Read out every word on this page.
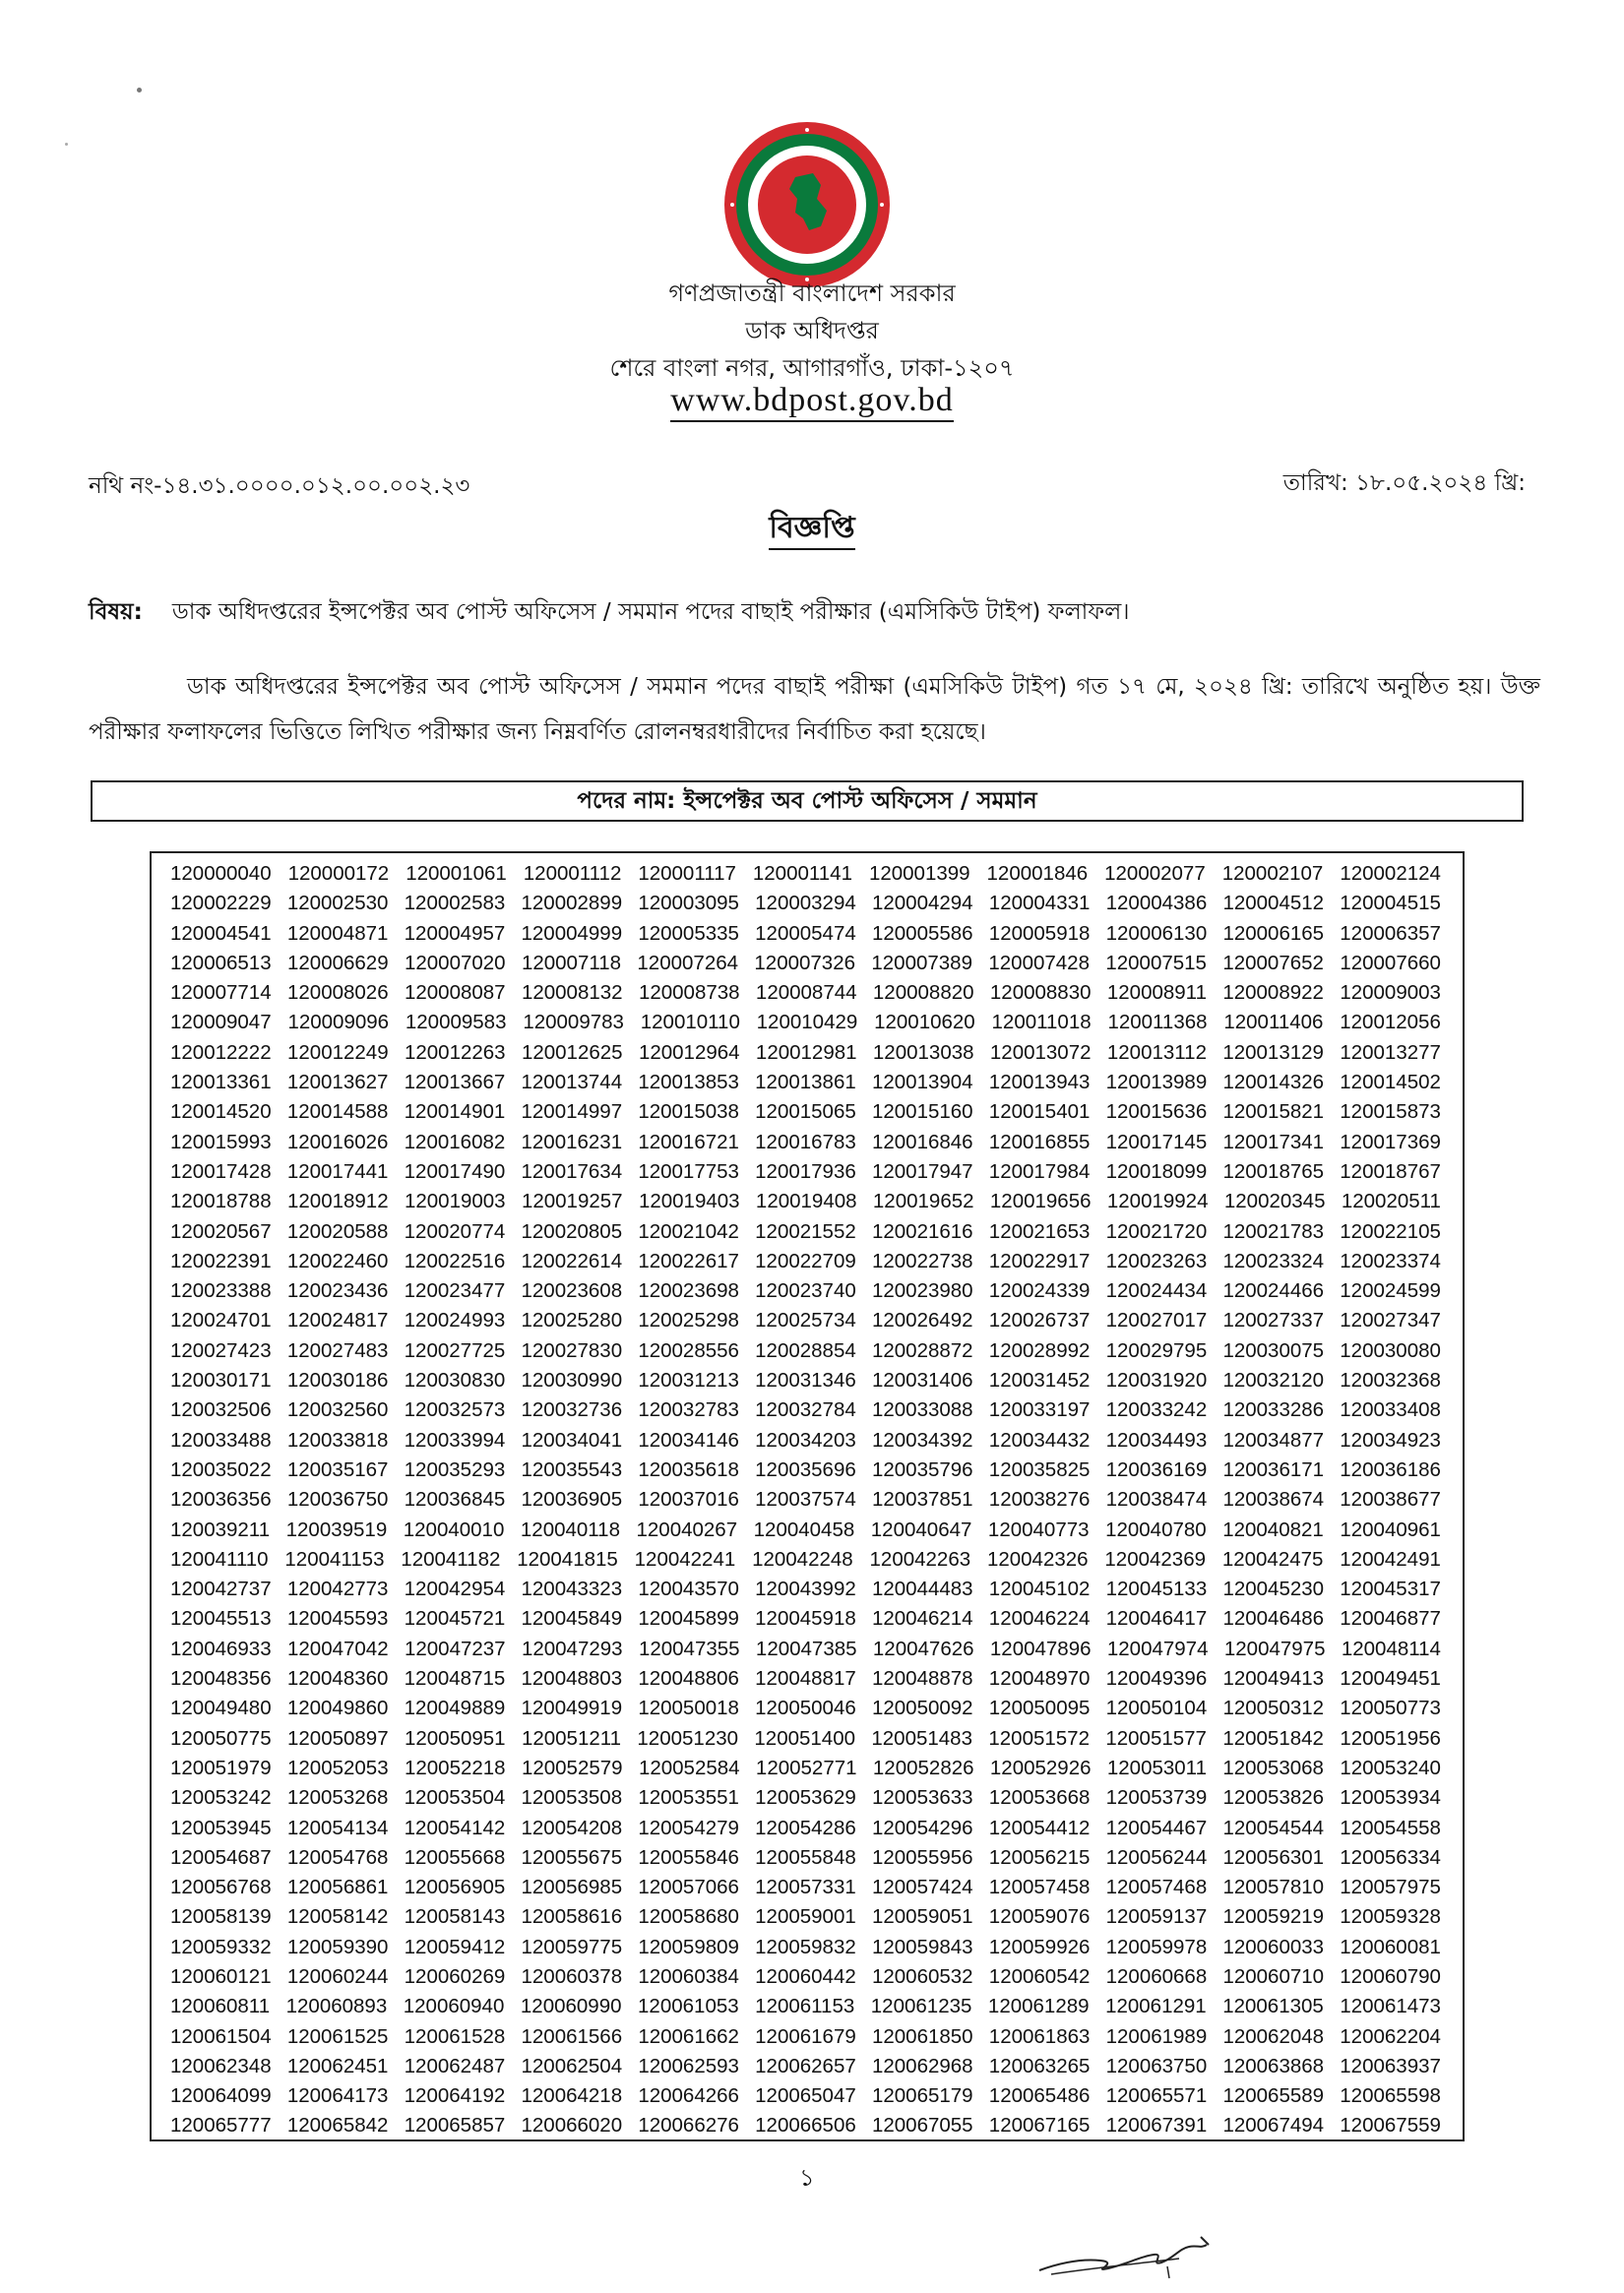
গণপ্রজাতন্ত্রী বাংলাদেশ সরকার
ডাক অধিদপ্তর
শেরে বাংলা নগর, আগারগাঁও, ঢাকা-১২০৭
www.bdpost.gov.bd
নথি নং-১৪.৩১.০০০০.০১২.০০.০০২.২৩	তারিখ: ১৮.০৫.২০২৪ খ্রি:
বিজ্ঞপ্তি
বিষয়: ডাক অধিদপ্তরের ইন্সপেক্টর অব পোস্ট অফিসেস / সমমান পদের বাছাই পরীক্ষার (এমসিকিউ টাইপ) ফলাফল।
ডাক অধিদপ্তরের ইন্সপেক্টর অব পোস্ট অফিসেস / সমমান পদের বাছাই পরীক্ষা (এমসিকিউ টাইপ) গত ১৭ মে, ২০২৪ খ্রি: তারিখে অনুষ্ঠিত হয়। উক্ত পরীক্ষার ফলাফলের ভিত্তিতে লিখিত পরীক্ষার জন্য নিম্নবর্ণিত রোলনম্বরধারীদের নির্বাচিত করা হয়েছে।
পদের নাম: ইন্সপেক্টর অব পোস্ট অফিসেস / সমমান
120000040 120000172 120001061 120001112 120001117 120001141 120001399 120001846 120002077 120002107 120002124
120002229 120002530 120002583 120002899 120003095 120003294 120004294 120004331 120004386 120004512 120004515
120004541 120004871 120004957 120004999 120005335 120005474 120005586 120005918 120006130 120006165 120006357
120006513 120006629 120007020 120007118 120007264 120007326 120007389 120007428 120007515 120007652 120007660
120007714 120008026 120008087 120008132 120008738 120008744 120008820 120008830 120008911 120008922 120009003
120009047 120009096 120009583 120009783 120010110 120010429 120010620 120011018 120011368 120011406 120012056
120012222 120012249 120012263 120012625 120012964 120012981 120013038 120013072 120013112 120013129 120013277
120013361 120013627 120013667 120013744 120013853 120013861 120013904 120013943 120013989 120014326 120014502
120014520 120014588 120014901 120014997 120015038 120015065 120015160 120015401 120015636 120015821 120015873
120015993 120016026 120016082 120016231 120016721 120016783 120016846 120016855 120017145 120017341 120017369
120017428 120017441 120017490 120017634 120017753 120017936 120017947 120017984 120018099 120018765 120018767
120018788 120018912 120019003 120019257 120019403 120019408 120019652 120019656 120019924 120020345 120020511
120020567 120020588 120020774 120020805 120021042 120021552 120021616 120021653 120021720 120021783 120022105
120022391 120022460 120022516 120022614 120022617 120022709 120022738 120022917 120023263 120023324 120023374
120023388 120023436 120023477 120023608 120023698 120023740 120023980 120024339 120024434 120024466 120024599
120024701 120024817 120024993 120025280 120025298 120025734 120026492 120026737 120027017 120027337 120027347
120027423 120027483 120027725 120027830 120028556 120028854 120028872 120028992 120029795 120030075 120030080
120030171 120030186 120030830 120030990 120031213 120031346 120031406 120031452 120031920 120032120 120032368
120032506 120032560 120032573 120032736 120032783 120032784 120033088 120033197 120033242 120033286 120033408
120033488 120033818 120033994 120034041 120034146 120034203 120034392 120034432 120034493 120034877 120034923
120035022 120035167 120035293 120035543 120035618 120035696 120035796 120035825 120036169 120036171 120036186
120036356 120036750 120036845 120036905 120037016 120037574 120037851 120038276 120038474 120038674 120038677
120039211 120039519 120040010 120040118 120040267 120040458 120040647 120040773 120040780 120040821 120040961
120041110 120041153 120041182 120041815 120042241 120042248 120042263 120042326 120042369 120042475 120042491
120042737 120042773 120042954 120043323 120043570 120043992 120044483 120045102 120045133 120045230 120045317
120045513 120045593 120045721 120045849 120045899 120045918 120046214 120046224 120046417 120046486 120046877
120046933 120047042 120047237 120047293 120047355 120047385 120047626 120047896 120047974 120047975 120048114
120048356 120048360 120048715 120048803 120048806 120048817 120048878 120048970 120049396 120049413 120049451
120049480 120049860 120049889 120049919 120050018 120050046 120050092 120050095 120050104 120050312 120050773
120050775 120050897 120050951 120051211 120051230 120051400 120051483 120051572 120051577 120051842 120051956
120051979 120052053 120052218 120052579 120052584 120052771 120052826 120052926 120053011 120053068 120053240
120053242 120053268 120053504 120053508 120053551 120053629 120053633 120053668 120053739 120053826 120053934
120053945 120054134 120054142 120054208 120054279 120054286 120054296 120054412 120054467 120054544 120054558
120054687 120054768 120055668 120055675 120055846 120055848 120055956 120056215 120056244 120056301 120056334
120056768 120056861 120056905 120056985 120057066 120057331 120057424 120057458 120057468 120057810 120057975
120058139 120058142 120058143 120058616 120058680 120059001 120059051 120059076 120059137 120059219 120059328
120059332 120059390 120059412 120059775 120059809 120059832 120059843 120059926 120059978 120060033 120060081
120060121 120060244 120060269 120060378 120060384 120060442 120060532 120060542 120060668 120060710 120060790
120060811 120060893 120060940 120060990 120061053 120061153 120061235 120061289 120061291 120061305 120061473
120061504 120061525 120061528 120061566 120061662 120061679 120061850 120061863 120061989 120062048 120062204
120062348 120062451 120062487 120062504 120062593 120062657 120062968 120063265 120063750 120063868 120063937
120064099 120064173 120064192 120064218 120064266 120065047 120065179 120065486 120065571 120065589 120065598
120065777 120065842 120065857 120066020 120066276 120066506 120067055 120067165 120067391 120067494 120067559
১
